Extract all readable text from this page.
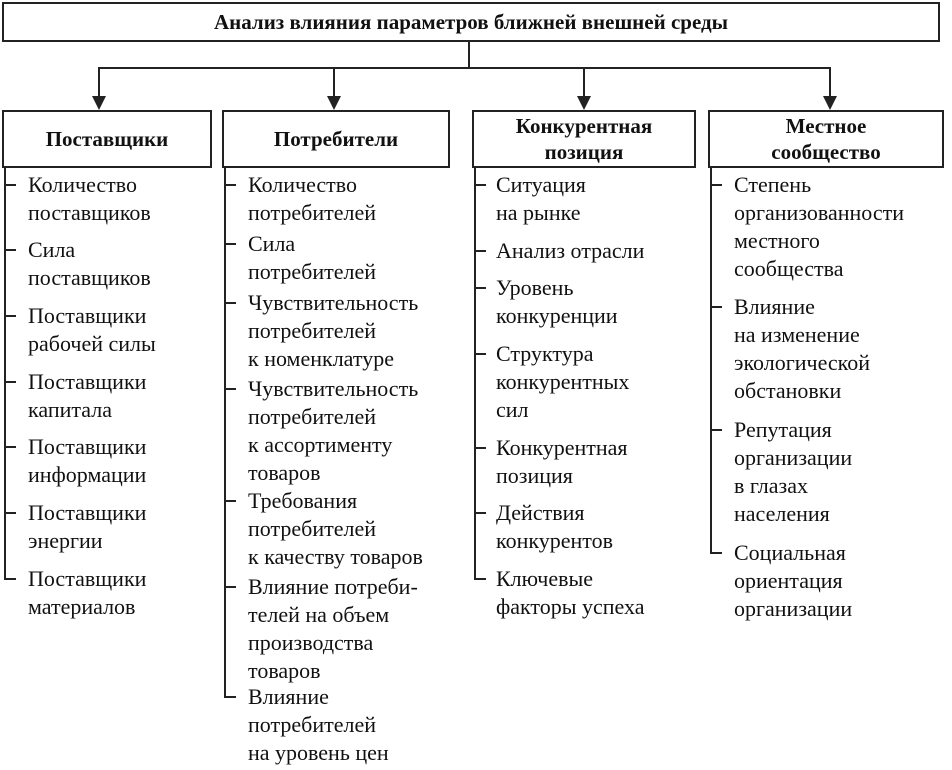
Анализ влияния параметров ближней внешней среды
Поставщики	Потребители
Конкурентная
позиция
Местное
сообщество
Количество
поставщиков
Сила
поставщиков
Поставщики
рабочей силы
Поставщики
капитала
Поставщики
информации
Поставщики
энергии
Поставщики
материалов
Количество
потребителей
Сила
потребителей
Чувствительность
потребителей
к номенклатуре
Чувствительность
потребителей
к ассортименту
товаров
Требования
потребителей
к качеству товаров
Влияние потреби-
телей на объем
производства
товаров
Влияние
потребителей
на уровень цен
Ситуация
на рынке
Анализ отрасли
Уровень
конкуренции
Структура
конкурентных
сил
Конкурентная
позиция
Действия
конкурентов
Ключевые
факторы успеха
Степень
организованности
местного
сообщества
Влияние
на изменение
экологической
обстановки
Репутация
организации
в глазах
населения
Социальная
ориентация
организации
